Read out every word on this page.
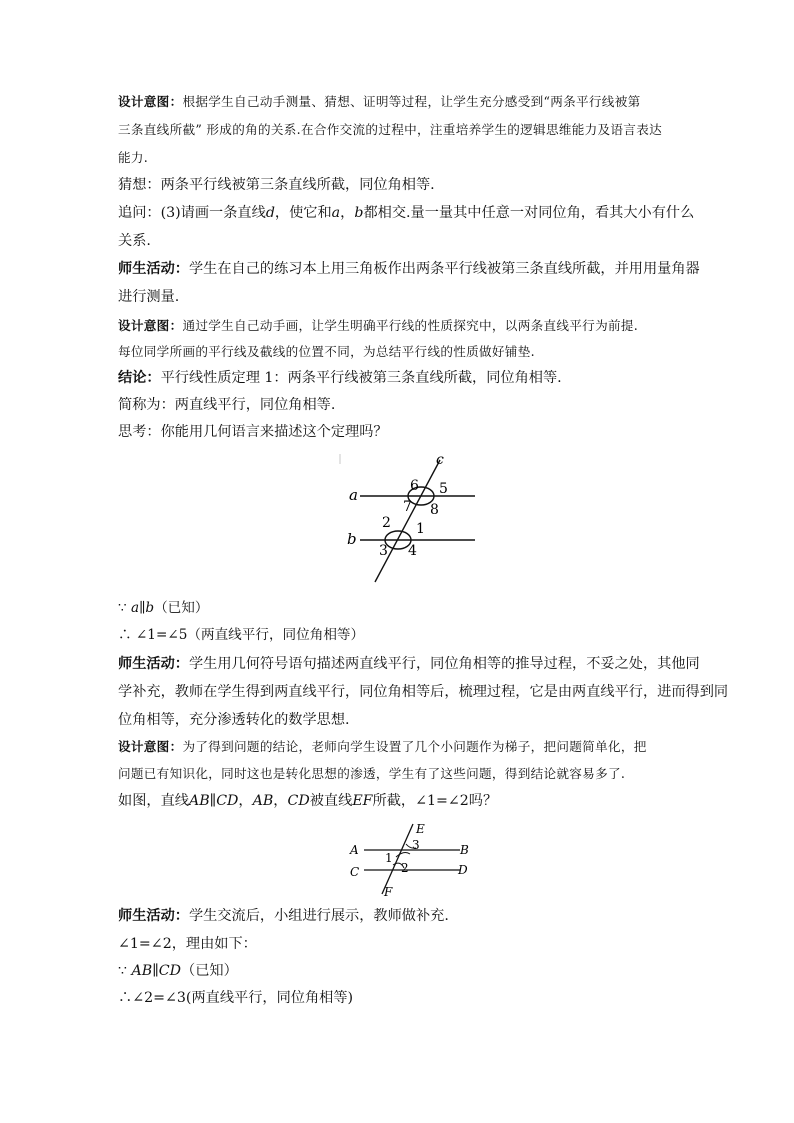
设计意图：根据学生自己动手测量、猜想、证明等过程，让学生充分感受到“两条平行线被第
三条直线所截” 形成的角的关系.在合作交流的过程中，注重培养学生的逻辑思维能力及语言表达
能力.
猜想：两条平行线被第三条直线所截，同位角相等.
追问：(3)请画一条直线d，使它和a，b都相交.量一量其中任意一对同位角，看其大小有什么
关系.
师生活动：学生在自己的练习本上用三角板作出两条平行线被第三条直线所截，并用用量角器
进行测量.
设计意图：通过学生自己动手画，让学生明确平行线的性质探究中，以两条直线平行为前提.
每位同学所画的平行线及截线的位置不同，为总结平行线的性质做好铺垫.
结论：平行线性质定理 1：两条平行线被第三条直线所截，同位角相等.
简称为：两直线平行，同位角相等.
思考：你能用几何语言来描述这个定理吗？
a
b
c
6 5
7 8
2 1
3 4
∵ a∥b（已知）
∴ ∠1=∠5（两直线平行，同位角相等）
师生活动：学生用几何符号语句描述两直线平行，同位角相等的推导过程，不妥之处，其他同
学补充，教师在学生得到两直线平行，同位角相等后，梳理过程，它是由两直线平行，进而得到同
位角相等，充分渗透转化的数学思想.
设计意图：为了得到问题的结论，老师向学生设置了几个小问题作为梯子，把问题简单化，把
问题已有知识化，同时这也是转化思想的渗透，学生有了这些问题，得到结论就容易多了.
如图，直线AB∥CD，AB，CD被直线EF所截，∠1=∠2吗？
A	B
C	D
E
F
1
2
3
师生活动：学生交流后，小组进行展示，教师做补充.
∠1=∠2，理由如下：
∵ AB∥CD（已知）
∴∠2=∠3(两直线平行，同位角相等)
